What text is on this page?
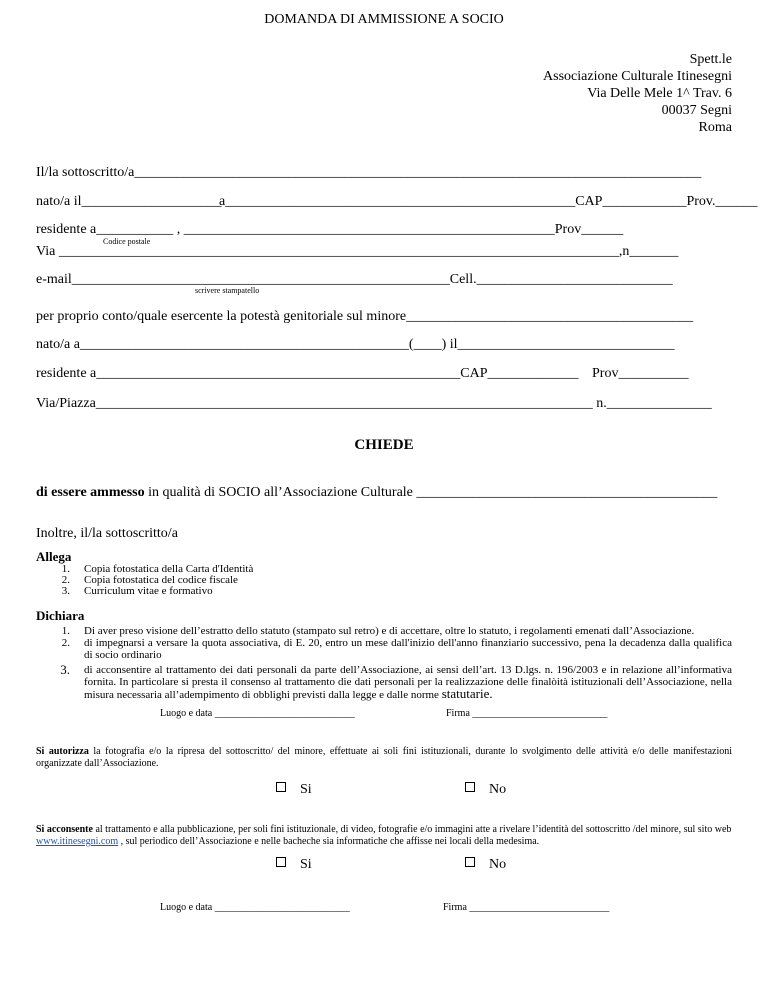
DOMANDA DI AMMISSIONE A SOCIO
Spett.le
Associazione Culturale Itinesegni
Via Delle Mele 1^ Trav. 6
00037 Segni
Roma
Il/la sottoscritto/a_________________________________________________________________________________
nato/a il____________________
a__________________________________________________CAP____________Prov.______
residente a___________ , _____________________________________________________Prov______
Codice postale
Via ________________________________________________________________________________,n_______
e-mail______________________________________________________Cell.____________________________
scrivere stampatello
per proprio conto/quale esercente la potestà genitoriale sul minore_________________________________________
nato/a a_______________________________________________(____) il_______________________________
residente a____________________________________________________CAP_____________ Prov__________
Via/Piazza_______________________________________________________________________ n._______________
CHIEDE
di essere ammesso in qualità di SOCIO all’Associazione Culturale ___________________________________________
Inoltre, il/la sottoscritto/a
Allega
1. Copia fotostatica della Carta d'Identità
2. Copia fotostatica del codice fiscale
3. Curriculum vitae e formativo
Dichiara
1. Di aver preso visione dell’estratto dello statuto (stampato sul retro) e di accettare, oltre lo statuto, i regolamenti emenati dall’Associazione.
2. di impegnarsi a versare la quota associativa, di E. 20, entro un mese dall'inizio dell'anno finanziario successivo, pena la decadenza dalla qualifica di socio ordinario
3. di acconsentire al trattamento dei dati personali da parte dell’Associazione, ai sensi dell’art. 13 D.lgs. n. 196/2003 e in relazione all’informativa fornita. In particolare si presta il consenso al trattamento die dati personali per la realizzazione delle finalòità istituzionali dell’Associazione, nella misura necessaria all’adempimento di obblighi previsti dalla legge e dalle norme statutarie.
Luogo e data ____________________________	Firma ___________________________
Si autorizza la fotografia e/o la ripresa del sottoscritto/ del minore, effettuate ai soli fini istituzionali, durante lo svolgimento delle attività e/o delle manifestazioni organizzate dall’Associazione.
Si	No
Si acconsente al trattamento e alla pubblicazione, per soli fini istituzionale, di video, fotografie e/o immagini atte a rivelare l’identità del sottoscritto /del minore, sul sito web www.itinesegni.com , sul periodico dell’Associazione e nelle bacheche sia informatiche che affisse nei locali della medesima.
Si	No
Luogo e data ___________________________	Firma ____________________________
